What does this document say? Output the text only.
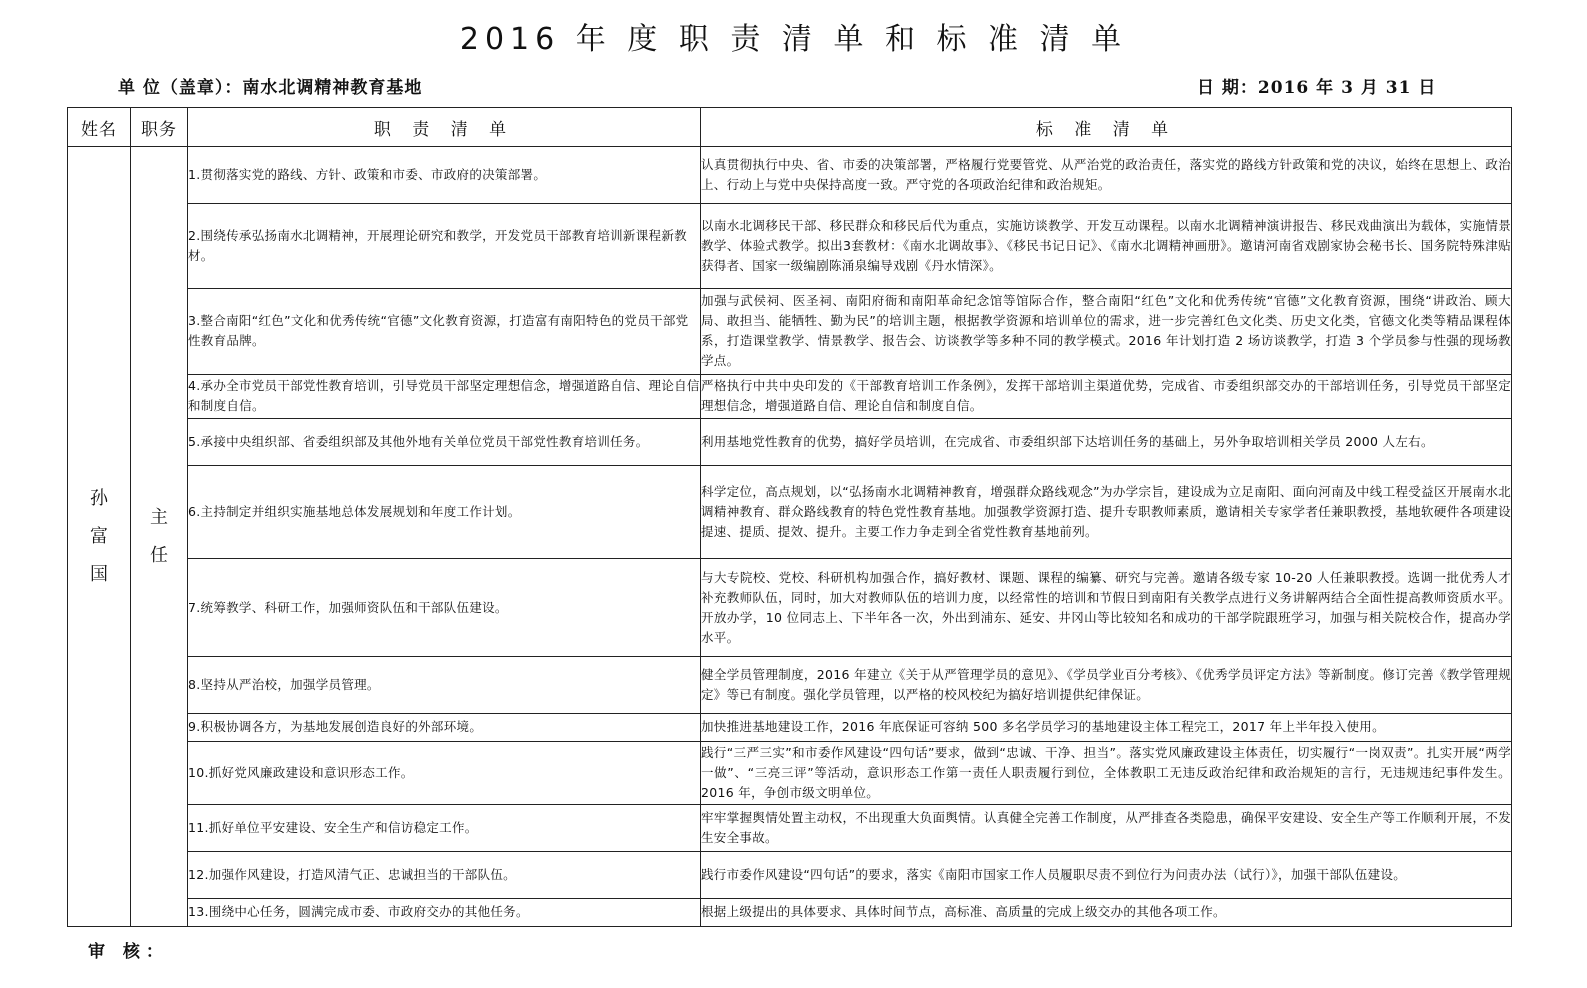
2016 年 度 职 责 清 单 和 标 准 清 单
单 位（盖章）：南水北调精神教育基地	日 期：2016 年 3 月 31 日
姓名	职务	职 责 清 单	标 准 清 单
孙富国	主任	1.贯彻落实党的路线、方针、政策和市委、市政府的决策部署。	认真贯彻执行中央、省、市委的决策部署，严格履行党要管党、从严治党的政治责任，落实党的路线方针政策和党的决议，始终在思想上、政治上、行动上与党中央保持高度一致。严守党的各项政治纪律和政治规矩。
		2.围绕传承弘扬南水北调精神，开展理论研究和教学，开发党员干部教育培训新课程新教材。	以南水北调移民干部、移民群众和移民后代为重点，实施访谈教学、开发互动课程。以南水北调精神演讲报告、移民戏曲演出为载体，实施情景教学、体验式教学。拟出3套教材：《南水北调故事》、《移民书记日记》、《南水北调精神画册》。邀请河南省戏剧家协会秘书长、国务院特殊津贴获得者、国家一级编剧陈涌泉编导戏剧《丹水情深》。
		3.整合南阳“红色”文化和优秀传统“官德”文化教育资源，打造富有南阳特色的党员干部党性教育品牌。	加强与武侯祠、医圣祠、南阳府衙和南阳革命纪念馆等馆际合作，整合南阳“红色”文化和优秀传统“官德”文化教育资源，围绕“讲政治、顾大局、敢担当、能牺牲、勤为民”的培训主题，根据教学资源和培训单位的需求，进一步完善红色文化类、历史文化类，官德文化类等精品课程体系，打造课堂教学、情景教学、报告会、访谈教学等多种不同的教学模式。2016 年计划打造 2 场访谈教学，打造 3 个学员参与性强的现场教学点。
		4.承办全市党员干部党性教育培训，引导党员干部坚定理想信念，增强道路自信、理论自信和制度自信。	严格执行中共中央印发的《干部教育培训工作条例》，发挥干部培训主渠道优势，完成省、市委组织部交办的干部培训任务，引导党员干部坚定理想信念，增强道路自信、理论自信和制度自信。
		5.承接中央组织部、省委组织部及其他外地有关单位党员干部党性教育培训任务。	利用基地党性教育的优势，搞好学员培训，在完成省、市委组织部下达培训任务的基础上，另外争取培训相关学员 2000 人左右。
		6.主持制定并组织实施基地总体发展规划和年度工作计划。	科学定位，高点规划，以“弘扬南水北调精神教育，增强群众路线观念”为办学宗旨，建设成为立足南阳、面向河南及中线工程受益区开展南水北调精神教育、群众路线教育的特色党性教育基地。加强教学资源打造、提升专职教师素质，邀请相关专家学者任兼职教授，基地软硬件各项建设提速、提质、提效、提升。主要工作力争走到全省党性教育基地前列。
		7.统筹教学、科研工作，加强师资队伍和干部队伍建设。	与大专院校、党校、科研机构加强合作，搞好教材、课题、课程的编纂、研究与完善。邀请各级专家 10-20 人任兼职教授。选调一批优秀人才补充教师队伍，同时，加大对教师队伍的培训力度，以经常性的培训和节假日到南阳有关教学点进行义务讲解两结合全面性提高教师资质水平。开放办学，10 位同志上、下半年各一次，外出到浦东、延安、井冈山等比较知名和成功的干部学院跟班学习，加强与相关院校合作，提高办学水平。
		8.坚持从严治校，加强学员管理。	健全学员管理制度，2016 年建立《关于从严管理学员的意见》、《学员学业百分考核》、《优秀学员评定方法》等新制度。修订完善《教学管理规定》等已有制度。强化学员管理，以严格的校风校纪为搞好培训提供纪律保证。
		9.积极协调各方，为基地发展创造良好的外部环境。	加快推进基地建设工作，2016 年底保证可容纳 500 多名学员学习的基地建设主体工程完工，2017 年上半年投入使用。
		10.抓好党风廉政建设和意识形态工作。	践行“三严三实”和市委作风建设“四句话”要求，做到“忠诚、干净、担当”。落实党风廉政建设主体责任，切实履行“一岗双责”。扎实开展“两学一做”、“三亮三评”等活动，意识形态工作第一责任人职责履行到位，全体教职工无违反政治纪律和政治规矩的言行，无违规违纪事件发生。2016 年，争创市级文明单位。
		11.抓好单位平安建设、安全生产和信访稳定工作。	牢牢掌握舆情处置主动权，不出现重大负面舆情。认真健全完善工作制度，从严排查各类隐患，确保平安建设、安全生产等工作顺利开展，不发生安全事故。
		12.加强作风建设，打造风清气正、忠诚担当的干部队伍。	践行市委作风建设“四句话”的要求，落实《南阳市国家工作人员履职尽责不到位行为问责办法（试行）》，加强干部队伍建设。
		13.围绕中心任务，圆满完成市委、市政府交办的其他任务。	根据上级提出的具体要求、具体时间节点，高标准、高质量的完成上级交办的其他各项工作。
审 核：
